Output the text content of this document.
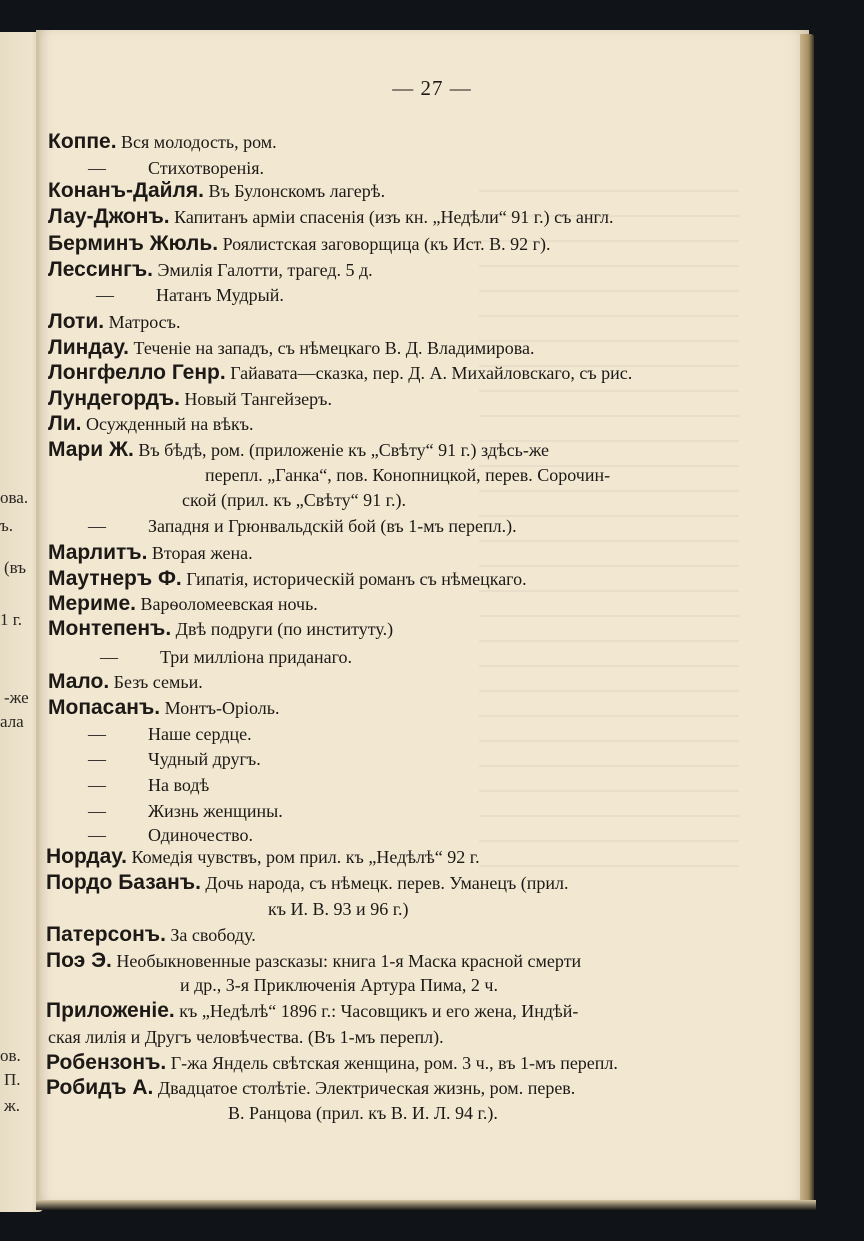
ова.
ъ.
(въ
1 г.
-же
ала
ов.
П.
ж.
— 27 —
Коппе. Вся молодость, ром.
— Стихотворенія.
Конанъ-Дайля. Въ Булонскомъ лагерѣ.
Лау-Джонъ. Капитанъ арміи спасенія (изъ кн. „Недѣли“ 91 г.) съ англ.
Берминъ Жюль. Роялистская заговорщица (къ Ист. В. 92 г).
Лессингъ. Эмилія Галотти, трагед. 5 д.
— Натанъ Мудрый.
Лоти. Матросъ.
Линдау. Теченіе на западъ, съ нѣмецкаго В. Д. Владимирова.
Лонгфелло Генр. Гайавата—сказка, пер. Д. А. Михайловскаго, съ рис.
Лундегордъ. Новый Тангейзеръ.
Ли. Осужденный на вѣкъ.
Мари Ж. Въ бѣдѣ, ром. (приложеніе къ „Свѣту“ 91 г.) здѣсь-же
перепл. „Ганка“, пов. Конопницкой, перев. Сорочин-
ской (прил. къ „Свѣту“ 91 г.).
— Западня и Грюнвальдскій бой (въ 1-мъ перепл.).
Марлитъ. Вторая жена.
Маутнеръ Ф. Гипатія, историческій романъ съ нѣмецкаго.
Мериме. Варѳоломеевская ночь.
Монтепенъ. Двѣ подруги (по институту.)
— Три милліона приданаго.
Мало. Безъ семьи.
Мопасанъ. Монтъ-Оріоль.
— Наше сердце.
— Чудный другъ.
— На водѣ
— Жизнь женщины.
— Одиночество.
Нордау. Комедія чувствъ, ром прил. къ „Недѣлѣ“ 92 г.
Пордо Базанъ. Дочь народа, съ нѣмецк. перев. Уманецъ (прил.
къ И. В. 93 и 96 г.)
Патерсонъ. За свободу.
Поэ Э. Необыкновенные разсказы: книга 1-я Маска красной смерти
и др., 3-я Приключенія Артура Пима, 2 ч.
Приложеніе. къ „Недѣлѣ“ 1896 г.: Часовщикъ и его жена, Индѣй-
ская лилія и Другъ человѣчества. (Въ 1-мъ перепл).
Робензонъ. Г-жа Яндель свѣтская женщина, ром. 3 ч., въ 1-мъ перепл.
Робидъ А. Двадцатое столѣтіе. Электрическая жизнь, ром. перев.
В. Ранцова (прил. къ В. И. Л. 94 г.).
